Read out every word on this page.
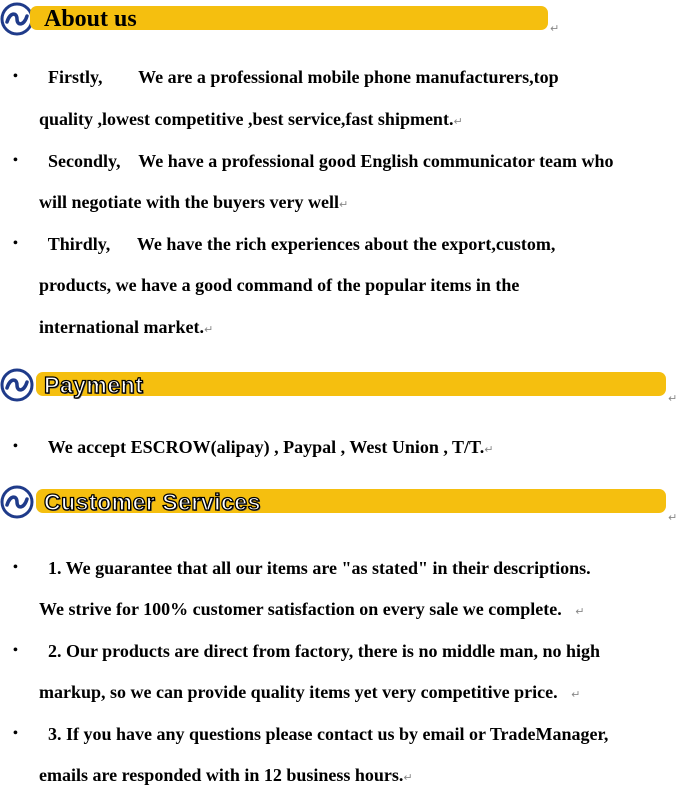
About us	↵
•	Firstly,        We are a professional mobile phone manufacturers,top
quality ,lowest competitive ,best service,fast shipment.↵
•	Secondly,    We have a professional good English communicator team who
will negotiate with the buyers very well↵
•	Thirdly,      We have the rich experiences about the export,custom,
products, we have a good command of the popular items in the
international market.↵
Payment
↵
•	We accept ESCROW(alipay) , Paypal , West Union , T/T.↵
Customer Services
↵
•	1. We guarantee that all our items are "as stated" in their descriptions.
We strive for 100% customer satisfaction on every sale we complete. ↵
•	2. Our products are direct from factory, there is no middle man, no high
markup, so we can provide quality items yet very competitive price. ↵
•	3. If you have any questions please contact us by email or TradeManager,
emails are responded with in 12 business hours.↵
